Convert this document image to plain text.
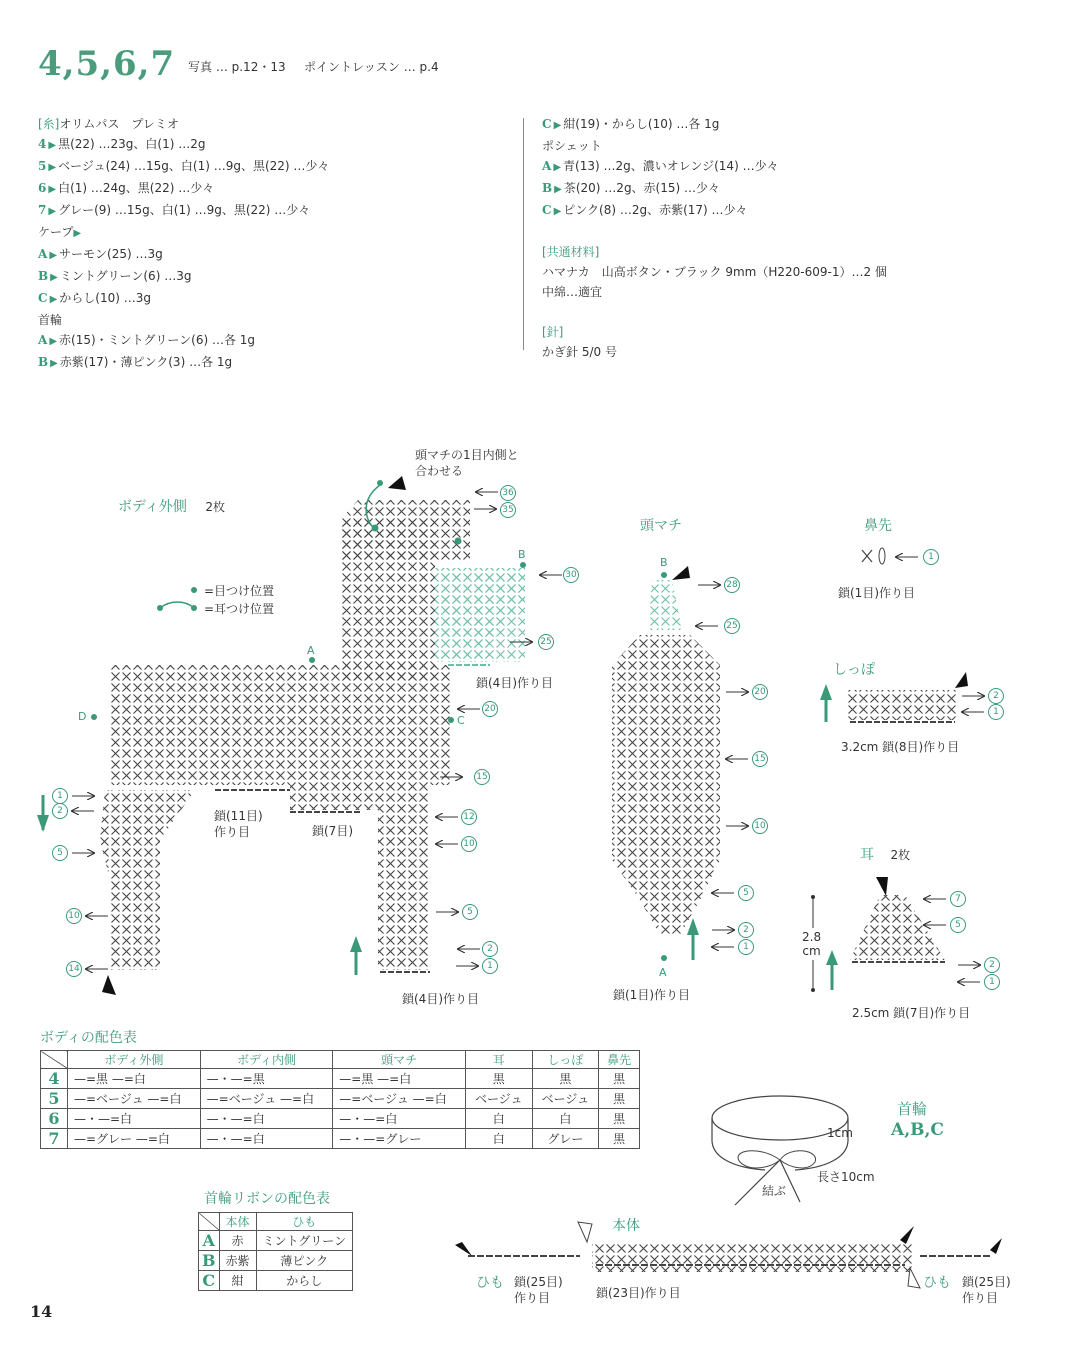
4,5,6,7 写真 … p.12・13 ポイントレッスン … p.4
[糸]オリムパス　プレミオ
4 ▶ 黒(22) …23g、白(1) …2g
5 ▶ ベージュ(24) …15g、白(1) …9g、黒(22) …少々
6 ▶ 白(1) …24g、黒(22) …少々
7 ▶ グレー(9) …15g、白(1) …9g、黒(22) …少々
ケープ▶
A ▶ サーモン(25) …3g
B ▶ ミントグリーン(6) …3g
C ▶ からし(10) …3g
首輪
A ▶ 赤(15)・ミントグリーン(6) …各 1g
B ▶ 赤紫(17)・薄ピンク(3) …各 1g
C ▶ 紺(19)・からし(10) …各 1g
ポシェット
A ▶ 青(13) …2g、濃いオレンジ(14) …少々
B ▶ 茶(20) …2g、赤(15) …少々
C ▶ ピンク(8) …2g、赤紫(17) …少々
[共通材料]
ハマナカ　山高ボタン・ブラック 9mm（H220-609-1）…2 個
中綿…適宜
[針]
かぎ針 5/0 号
ボディ外側 2枚
頭マチの1目内側と
合わせる
=目つけ位置
=耳つけ位置
36
35
30
25
20
15
12
10
5
2
1
1
2
5
10
14
A
B
C
D
鎖(4目)作り目
鎖(11目)
作り目	鎖(7目)
鎖(4目)作り目
頭マチ
B
A
28
25
20
15
10
5
2
1
鎖(1目)作り目
鼻先
1
鎖(1目)作り目
しっぽ
2
1
3.2cm 鎖(8目)作り目
耳 2枚
7
5
2
1
2.8
cm
2.5cm 鎖(7目)作り目
ボディの配色表
	ボディ外側	ボディ内側	頭マチ	耳	しっぽ	鼻先
4	—=黒 —=白	—・—=黒	—=黒 —=白	黒	黒	黒
5	—=ベージュ —=白	—=ベージュ —=白	—=ベージュ —=白	ベージュ	ベージュ	黒
6	—・—=白	—・—=白	—・—=白	白	白	黒
7	—=グレー —=白	—・—=白	—・—=グレー	白	グレー	黒
首輪リボンの配色表
	本体	ひも
A	赤	ミントグリーン
B	赤紫	薄ピンク
C	紺	からし
首輪
A,B,C
1cm
長さ10cm
結ぶ
本体
ひも 鎖(25目)
作り目	鎖(23目)作り目
ひも 鎖(25目)
作り目
14
